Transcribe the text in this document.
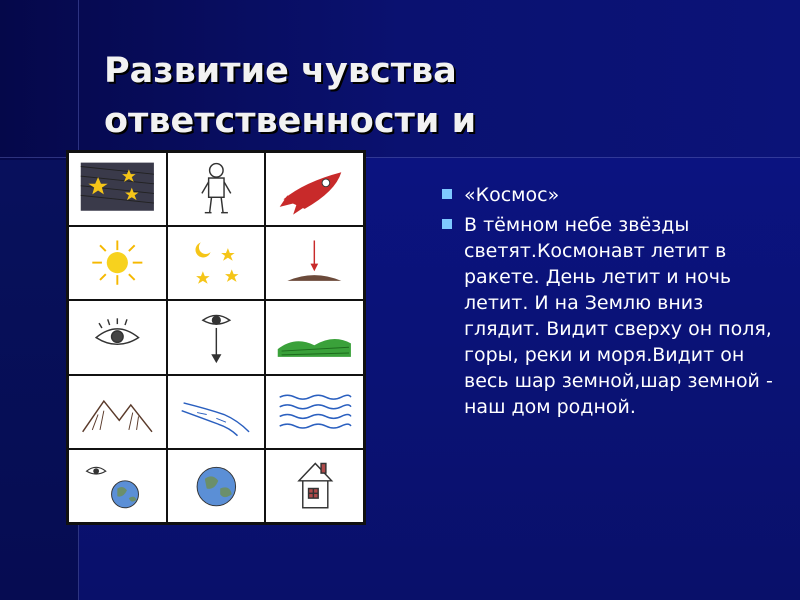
Развитие чувства
ответственности и

«Космос»
В тёмном небе звёзды светят.Космонавт летит в ракете. День летит и ночь летит. И на Землю вниз глядит. Видит сверху он поля, горы, реки и моря.Видит он весь шар земной,шар земной - наш дом родной.
